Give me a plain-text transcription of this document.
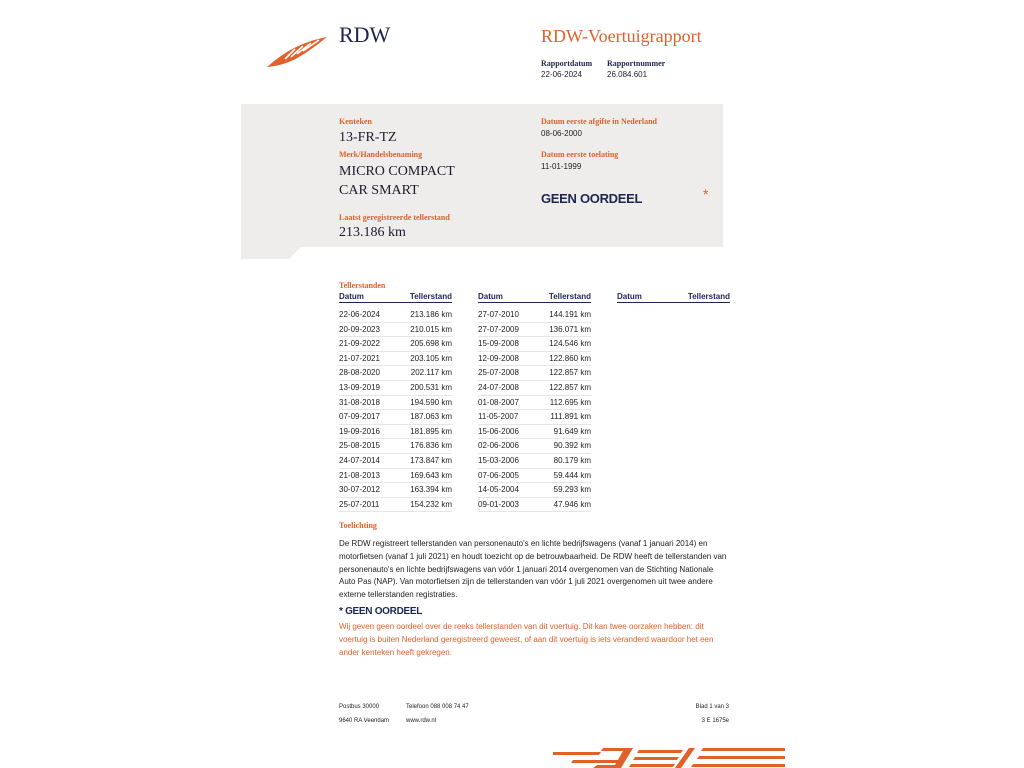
RDW	RDW-Voertuigrapport
Rapportdatum
22-06-2024
Rapportnummer
26.084.601
Kenteken
13-FR-TZ
Merk/Handelsbenaming
MICRO COMPACT
CAR SMART
Laatst geregistreerde tellerstand
213.186 km
Datum eerste afgifte in Nederland
08-06-2000
Datum eerste toelating
11-01-1999
GEEN OORDEEL	*
Tellerstanden
Datum	Tellerstand	Datum	Tellerstand	Datum	Tellerstand
22-06-2024	213.186 km
20-09-2023	210.015 km
21-09-2022	205.698 km
21-07-2021	203.105 km
28-08-2020	202.117 km
13-09-2019	200.531 km
31-08-2018	194.590 km
07-09-2017	187.063 km
19-09-2016	181.895 km
25-08-2015	176.836 km
24-07-2014	173.847 km
21-08-2013	169.643 km
30-07-2012	163.394 km
25-07-2011	154.232 km
27-07-2010	144.191 km
27-07-2009	136.071 km
15-09-2008	124.546 km
12-09-2008	122.860 km
25-07-2008	122.857 km
24-07-2008	122.857 km
01-08-2007	112.695 km
11-05-2007	111.891 km
15-06-2006	91.649 km
02-06-2006	90.392 km
15-03-2006	80.179 km
07-06-2005	59.444 km
14-05-2004	59.293 km
09-01-2003	47.946 km
Toelichting
De RDW registreert tellerstanden van personenauto's en lichte bedrijfswagens (vanaf 1 januari 2014) en motorfietsen (vanaf 1 juli 2021) en houdt toezicht op de betrouwbaarheid. De RDW heeft de tellerstanden van personenauto's en lichte bedrijfswagens van vóór 1 januari 2014 overgenomen van de Stichting Nationale Auto Pas (NAP). Van motorfietsen zijn de tellerstanden van vóór 1 juli 2021 overgenomen uit twee andere externe tellerstanden registraties.
* GEEN OORDEEL
Wij geven geen oordeel over de reeks tellerstanden van dit voertuig. Dit kan twee oorzaken hebben: dit voertuig is buiten Nederland geregistreerd geweest, of aan dit voertuig is iets veranderd waardoor het een ander kenteken heeft gekregen.
Postbus 30000
9640 RA Veendam
Telefoon 088 008 74 47
www.rdw.nl
Blad 1 van 3
3 E 1675e
